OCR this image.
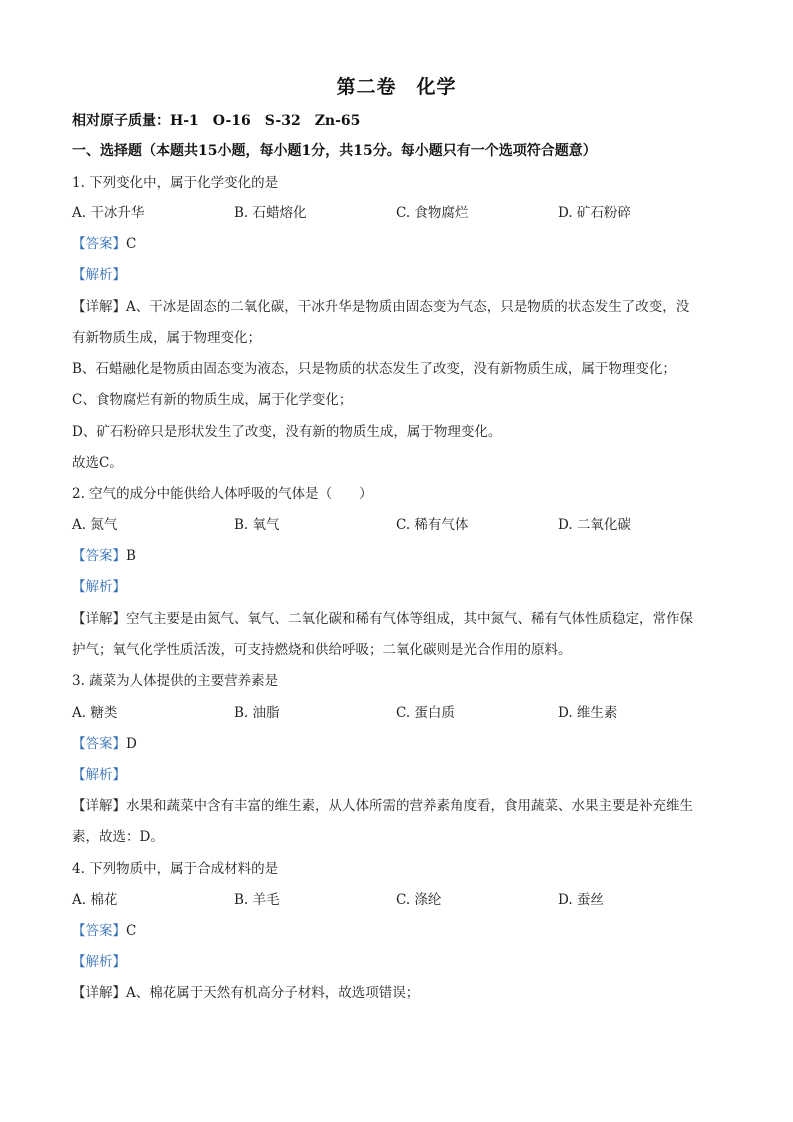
第二卷　化学
相对原子质量：H-1　O-16　S-32　Zn-65
一、选择题（本题共15小题，每小题1分，共15分。每小题只有一个选项符合题意）
1. 下列变化中，属于化学变化的是
A. 干冰升华	B. 石蜡熔化	C. 食物腐烂	D. 矿石粉碎
【答案】C
【解析】
【详解】A、干冰是固态的二氧化碳，干冰升华是物质由固态变为气态，只是物质的状态发生了改变，没
有新物质生成，属于物理变化；
B、石蜡融化是物质由固态变为液态，只是物质的状态发生了改变，没有新物质生成，属于物理变化；
C、食物腐烂有新的物质生成，属于化学变化；
D、矿石粉碎只是形状发生了改变，没有新的物质生成，属于物理变化。
故选C。
2. 空气的成分中能供给人体呼吸的气体是（　　）
A. 氮气	B. 氧气	C. 稀有气体	D. 二氧化碳
【答案】B
【解析】
【详解】空气主要是由氮气、氧气、二氧化碳和稀有气体等组成，其中氮气、稀有气体性质稳定，常作保
护气；氧气化学性质活泼，可支持燃烧和供给呼吸；二氧化碳则是光合作用的原料。
3. 蔬菜为人体提供的主要营养素是
A. 糖类	B. 油脂	C. 蛋白质	D. 维生素
【答案】D
【解析】
【详解】水果和蔬菜中含有丰富的维生素，从人体所需的营养素角度看，食用蔬菜、水果主要是补充维生
素，故选：D。
4. 下列物质中，属于合成材料的是
A. 棉花	B. 羊毛	C. 涤纶	D. 蚕丝
【答案】C
【解析】
【详解】A、棉花属于天然有机高分子材料，故选项错误；
